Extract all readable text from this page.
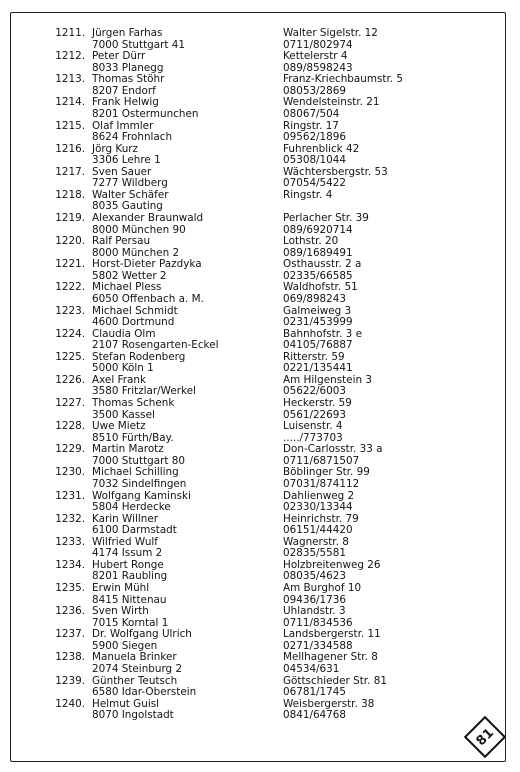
1211. Jürgen Farhas	Walter Sigelstr. 12
7000 Stuttgart 41	0711/802974
1212. Peter Dürr	Kettelerstr 4
8033 Planegg	089/8598243
1213. Thomas Stöhr	Franz-Kriechbaumstr. 5
8207 Endorf	08053/2869
1214. Frank Helwig	Wendelsteinstr. 21
8201 Ostermunchen	08067/504
1215. Olaf Immler	Ringstr. 17
8624 Frohnlach	09562/1896
1216. Jörg Kurz	Fuhrenblick 42
3306 Lehre 1	05308/1044
1217. Sven Sauer	Wächtersbergstr. 53
7277 Wildberg	07054/5422
1218. Walter Schäfer	Ringstr. 4
8035 Gauting
1219. Alexander Braunwald	Perlacher Str. 39
8000 München 90	089/6920714
1220. Ralf Persau	Lothstr. 20
8000 München 2	089/1689491
1221. Horst-Dieter Pazdyka	Osthausstr. 2 a
5802 Wetter 2	02335/66585
1222. Michael Pless	Waldhofstr. 51
6050 Offenbach a. M.	069/898243
1223. Michael Schmidt	Galmeiweg 3
4600 Dortmund	0231/453999
1224. Claudia Olm	Bahnhofstr. 3 e
2107 Rosengarten-Eckel	04105/76887
1225. Stefan Rodenberg	Ritterstr. 59
5000 Köln 1	0221/135441
1226. Axel Frank	Am Hilgenstein 3
3580 Fritzlar/Werkel	05622/6003
1227. Thomas Schenk	Heckerstr. 59
3500 Kassel	0561/22693
1228. Uwe Mietz	Luisenstr. 4
8510 Fürth/Bay.	...../773703
1229. Martin Marotz	Don-Carlosstr. 33 a
7000 Stuttgart 80	0711/6871507
1230. Michael Schilling	Böblinger Str. 99
7032 Sindelfingen	07031/874112
1231. Wolfgang Kaminski	Dahlienweg 2
5804 Herdecke	02330/13344
1232. Karin Willner	Heinrichstr. 79
6100 Darmstadt	06151/44420
1233. Wilfried Wulf	Wagnerstr. 8
4174 Issum 2	02835/5581
1234. Hubert Ronge	Holzbreitenweg 26
8201 Raubling	08035/4623
1235. Erwin Mühl	Am Burghof 10
8415 Nittenau	09436/1736
1236. Sven Wirth	Uhlandstr. 3
7015 Korntal 1	0711/834536
1237. Dr. Wolfgang Ulrich	Landsbergerstr. 11
5900 Siegen	0271/334588
1238. Manuela Brinker	Mellhagener Str. 8
2074 Steinburg 2	04534/631
1239. Günther Teutsch	Göttschieder Str. 81
6580 Idar-Oberstein	06781/1745
1240. Helmut Guisl	Weisbergerstr. 38
8070 Ingolstadt	0841/64768
81
